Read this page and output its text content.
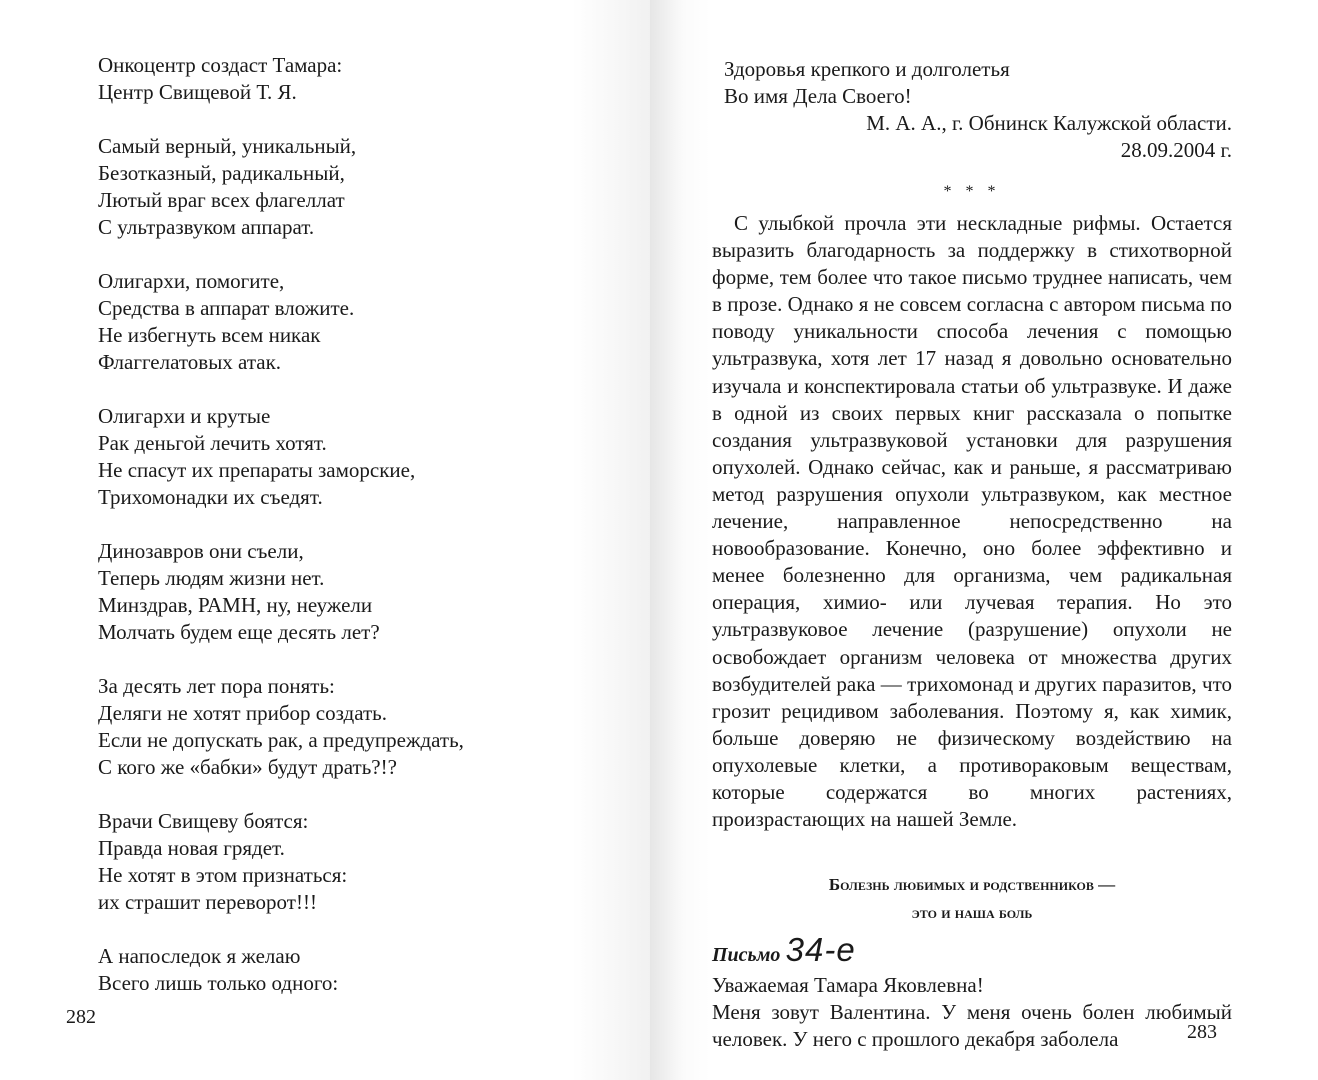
Онкоцентр создаст Тамара:
Центр Свищевой Т. Я.
Самый верный, уникальный,
Безотказный, радикальный,
Лютый враг всех флагеллат
С ультразвуком аппарат.
Олигархи, помогите,
Средства в аппарат вложите.
Не избегнуть всем никак
Флаггелатовых атак.
Олигархи и крутые
Рак деньгой лечить хотят.
Не спасут их препараты заморские,
Трихомонадки их съедят.
Динозавров они съели,
Теперь людям жизни нет.
Минздрав, РАМН, ну, неужели
Молчать будем еще десять лет?
За десять лет пора понять:
Деляги не хотят прибор создать.
Если не допускать рак, а предупреждать,
С кого же «бабки» будут драть?!?
Врачи Свищеву боятся:
Правда новая грядет.
Не хотят в этом признаться:
их страшит переворот!!!
А напоследок я желаю
Всего лишь только одного:
282
Здоровья крепкого и долголетья
Во имя Дела Своего!
М. А. А., г. Обнинск Калужской области.
28.09.2004 г.
* * *

С улыбкой прочла эти нескладные рифмы. Остается выразить благодарность за поддержку в стихотворной форме, тем более что такое письмо труднее написать, чем в прозе. Однако я не совсем согласна с автором письма по поводу уникальности способа лечения с помощью ультразвука, хотя лет 17 назад я довольно основательно изучала и конспектировала статьи об ультразвуке. И даже в одной из своих первых книг рассказала о попытке создания ультразвуковой установки для разрушения опухолей. Однако сейчас, как и раньше, я рассматриваю метод разрушения опухоли ультразвуком, как местное лечение, направленное непосредственно на новообразование. Конечно, оно более эффективно и менее болезненно для организма, чем радикальная операция, химио- или лучевая терапия. Но это ультразвуковое лечение (разрушение) опухоли не освобождает организм человека от множества других возбудителей рака — трихомонад и других паразитов, что грозит рецидивом заболевания. Поэтому я, как химик, больше доверяю не физическому воздействию на опухолевые клетки, а противораковым веществам, которые содержатся во многих растениях, произрастающих на нашей Земле.

Болезнь любимых и родственников —
это и наша боль
Письмо 34-е
Уважаемая Тамара Яковлевна!

Меня зовут Валентина. У меня очень болен любимый человек. У него с прошлого декабря заболела	283
